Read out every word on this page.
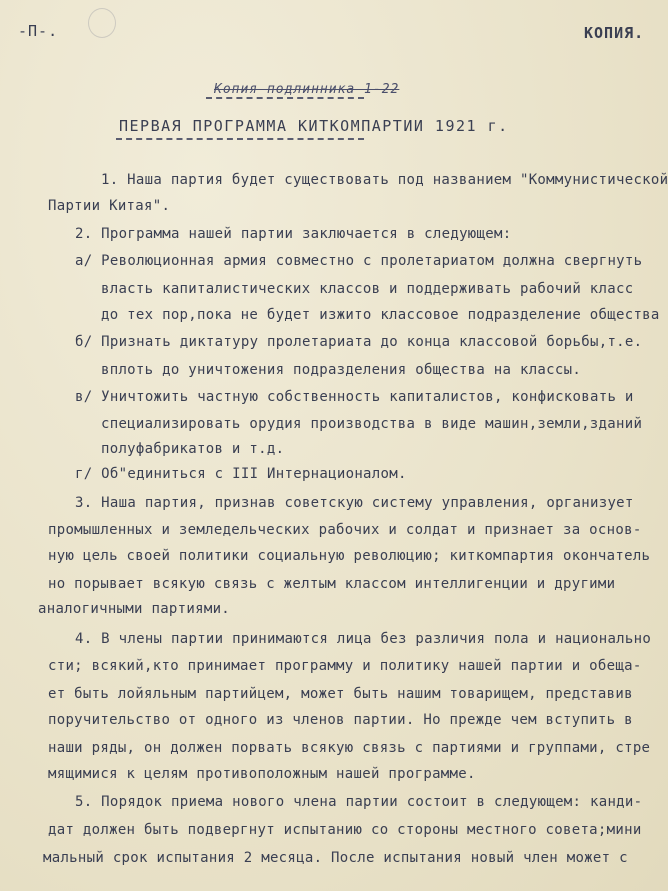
-П-.	КОПИЯ.
Копия подлинника 1-22
ПЕРВАЯ ПРОГРАММА КИТКОМПАРТИИ 1921 г.
1. Наша партия будет существовать под названием "Коммунистической
Партии Китая".
2. Программа нашей партии заключается в следующем:
а/ Революционная армия совместно с пролетариатом должна свергнуть
власть капиталистических классов и поддерживать рабочий класс
до тех пор,пока не будет изжито классовое подразделение общества
б/ Признать диктатуру пролетариата до конца классовой борьбы,т.е.
вплоть до уничтожения подразделения общества на классы.
в/ Уничтожить частную собственность капиталистов, конфисковать и
специализировать орудия производства в виде машин,земли,зданий
полуфабрикатов и т.д.
г/ Об"единиться с III Интернационалом.
3. Наша партия, признав советскую систему управления, организует
промышленных и земледельческих рабочих и солдат и признает за основ-
ную цель своей политики социальную революцию; киткомпартия окончатель
но порывает всякую связь с желтым классом интеллигенции и другими
аналогичными партиями.
4. В члены партии принимаются лица без различия пола и национально
сти; всякий,кто принимает программу и политику нашей партии и обеща-
ет быть лойяльным партийцем, может быть нашим товарищем, представив
поручительство от одного из членов партии. Но прежде чем вступить в
наши ряды, он должен порвать всякую связь с партиями и группами, стре
мящимися к целям противоположным нашей программе.
5. Порядок приема нового члена партии состоит в следующем: канди-
дат должен быть подвергнут испытанию со стороны местного совета;мини
мальный срок испытания 2 месяца. После испытания новый член может с
